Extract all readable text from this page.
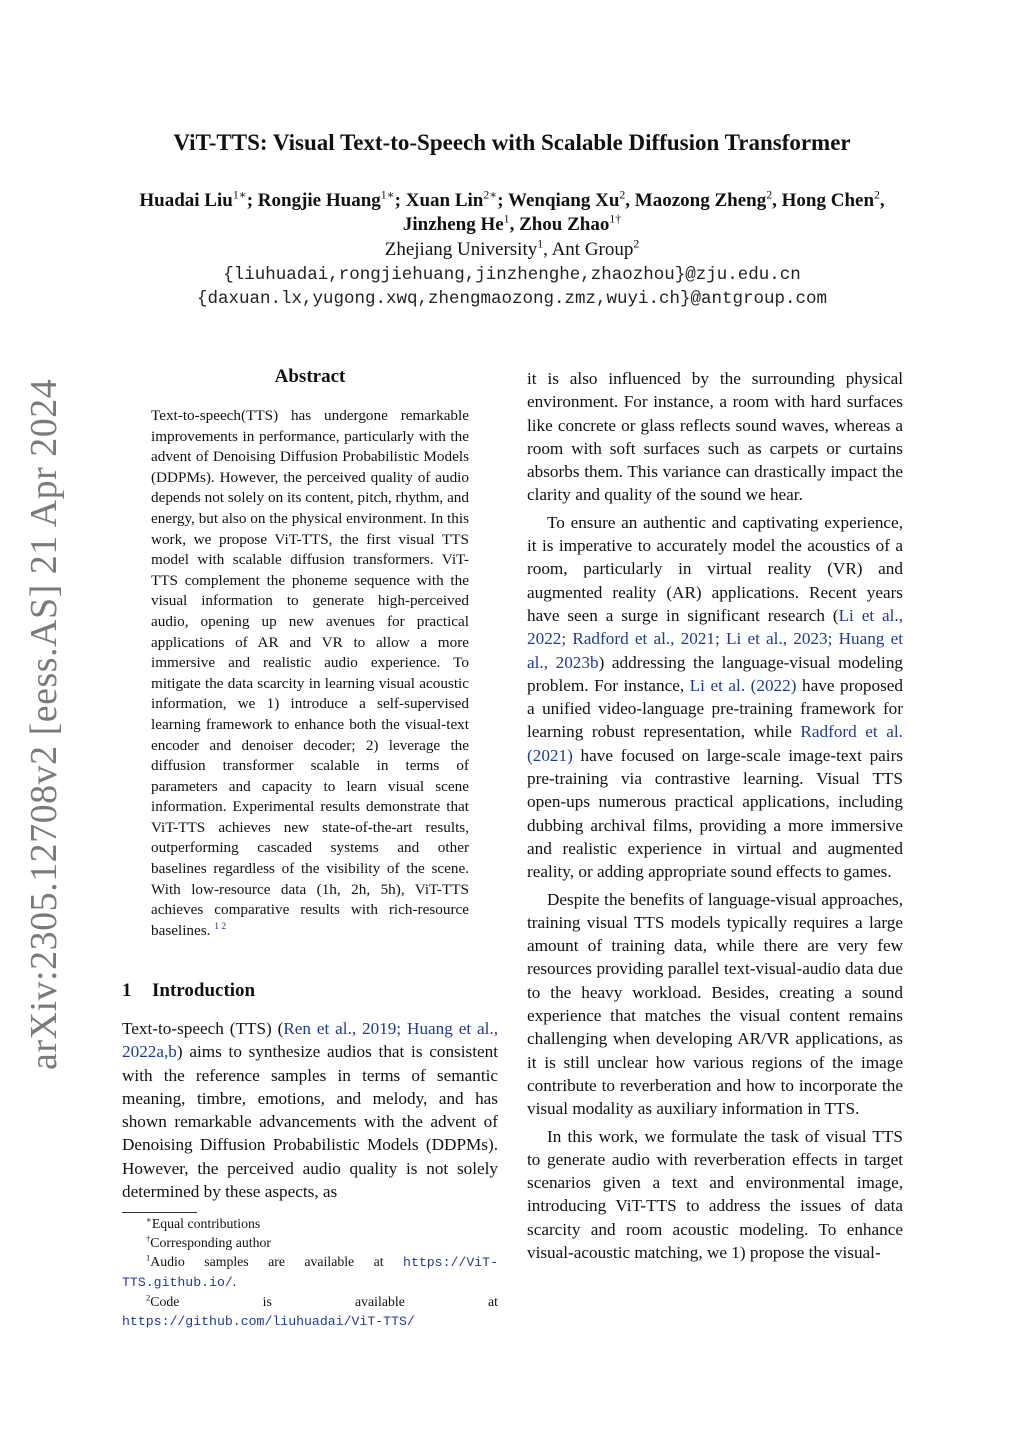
arXiv:2305.12708v2 [eess.AS] 21 Apr 2024
ViT-TTS: Visual Text-to-Speech with Scalable Diffusion Transformer
Huadai Liu$^{1∗}$; Rongjie Huang$^{1∗}$; Xuan Lin$^{2∗}$; Wenqiang Xu$^2$, Maozong Zheng$^2$, Hong Chen$^2$,
Jinzheng He$^1$, Zhou Zhao$^{1\dagger}$
Zhejiang University$^1$, Ant Group$^2$
{liuhuadai,rongjiehuang,jinzhenghe,zhaozhou}@zju.edu.cn
{daxuan.lx,yugong.xwq,zhengmaozong.zmz,wuyi.ch}@antgroup.com
Abstract
Text-to-speech(TTS) has undergone remarkable improvements in performance, particularly with the advent of Denoising Diffusion Probabilistic Models (DDPMs). However, the perceived quality of audio depends not solely on its content, pitch, rhythm, and energy, but also on the physical environment. In this work, we propose ViT-TTS, the first visual TTS model with scalable diffusion transformers. ViT-TTS complement the phoneme sequence with the visual information to generate high-perceived audio, opening up new avenues for practical applications of AR and VR to allow a more immersive and realistic audio experience. To mitigate the data scarcity in learning visual acoustic information, we 1) introduce a self-supervised learning framework to enhance both the visual-text encoder and denoiser decoder; 2) leverage the diffusion transformer scalable in terms of parameters and capacity to learn visual scene information. Experimental results demonstrate that ViT-TTS achieves new state-of-the-art results, outperforming cascaded systems and other baselines regardless of the visibility of the scene. With low-resource data (1h, 2h, 5h), ViT-TTS achieves comparative results with rich-resource baselines. $^{1 2}$
1 Introduction
Text-to-speech (TTS) (Ren et al., 2019; Huang et al., 2022a,b) aims to synthesize audios that is consistent with the reference samples in terms of semantic meaning, timbre, emotions, and melody, and has shown remarkable advancements with the advent of Denoising Diffusion Probabilistic Models (DDPMs). However, the perceived audio quality is not solely determined by these aspects, as

∗Equal contributions

†Corresponding author

$^1$Audio samples are available at https://ViT-TTS.github.io/.

$^2$Code is available at https://github.com/liuhuadai/ViT-TTS/

it is also influenced by the surrounding physical environment. For instance, a room with hard surfaces like concrete or glass reflects sound waves, whereas a room with soft surfaces such as carpets or curtains absorbs them. This variance can drastically impact the clarity and quality of the sound we hear.

To ensure an authentic and captivating experience, it is imperative to accurately model the acoustics of a room, particularly in virtual reality (VR) and augmented reality (AR) applications. Recent years have seen a surge in significant research (Li et al., 2022; Radford et al., 2021; Li et al., 2023; Huang et al., 2023b) addressing the language-visual modeling problem. For instance, Li et al. (2022) have proposed a unified video-language pre-training framework for learning robust representation, while Radford et al. (2021) have focused on large-scale image-text pairs pre-training via contrastive learning. Visual TTS open-ups numerous practical applications, including dubbing archival films, providing a more immersive and realistic experience in virtual and augmented reality, or adding appropriate sound effects to games.

Despite the benefits of language-visual approaches, training visual TTS models typically requires a large amount of training data, while there are very few resources providing parallel text-visual-audio data due to the heavy workload. Besides, creating a sound experience that matches the visual content remains challenging when developing AR/VR applications, as it is still unclear how various regions of the image contribute to reverberation and how to incorporate the visual modality as auxiliary information in TTS.

In this work, we formulate the task of visual TTS to generate audio with reverberation effects in target scenarios given a text and environmental image, introducing ViT-TTS to address the issues of data scarcity and room acoustic modeling. To enhance visual-acoustic matching, we 1) propose the visual-
